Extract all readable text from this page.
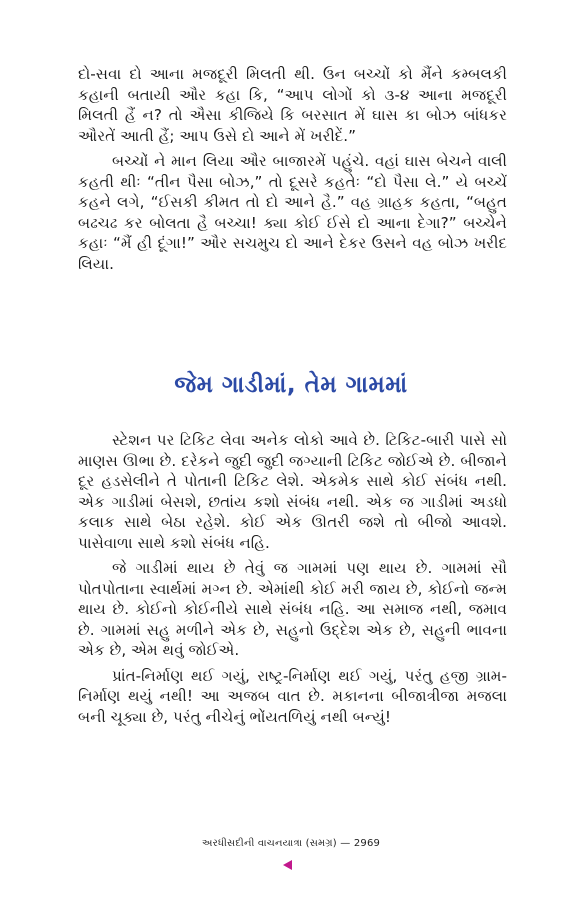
દો-સવા દો આના મજદૂરી મિલતી થી. ઉન બચ્ચોં કો મૈંને કમ્બલકી કહાની બતાયી ઔર કહા કિ, “આપ લોગોં કો ૩-૪ આના મજદૂરી મિલતી હૈં ન? તો ઐસા કીજિયે કિ બરસાત મેં ઘાસ કા બોઝ બાંધકર ઔરતેં આતી હૈં; આપ ઉસે દો આને મેં ખરીદેં.”

બચ્ચોં ને માન લિયા ઔર બાજારમેં પહુંચે. વહાં ઘાસ બેચને વાલી કહતી થીઃ “તીન પૈસા બોઝ,” તો દૂસરે કહતેઃ “દો પૈસા લે.” યે બચ્ચેં કહને લગે, “ઈસકી કીમત તો દો આને હૈ.” વહ ગ્રાહક કહતા, “બહુત બઢચઢ કર બોલતા હૈ બચ્ચા! ક્યા કોઈ ઈસે દો આના દેગા?” બચ્ચેને કહાઃ “મૈં હી દૂંગા!” ઔર સચમુચ દો આને દેકર ઉસને વહ બોઝ ખરીદ લિયા.

જેમ ગાડીમાં, તેમ ગામમાં

સ્ટેશન પર ટિકિટ લેવા અનેક લોકો આવે છે. ટિકિટ-બારી પાસે સો માણસ ઊભા છે. દરેકને જુદી જુદી જગ્યાની ટિકિટ જોઈએ છે. બીજાને દૂર હડસેલીને તે પોતાની ટિકિટ લેશે. એકમેક સાથે કોઈ સંબંધ નથી. એક ગાડીમાં બેસશે, છતાંય કશો સંબંધ નથી. એક જ ગાડીમાં અડધો કલાક સાથે બેઠા રહેશે. કોઈ એક ઊતરી જશે તો બીજો આવશે. પાસેવાળા સાથે કશો સંબંધ નહિ.

જે ગાડીમાં થાય છે તેવું જ ગામમાં પણ થાય છે. ગામમાં સૌ પોતપોતાના સ્વાર્થમાં મગ્ન છે. એમાંથી કોઈ મરી જાય છે, કોઈનો જન્મ થાય છે. કોઈનો કોઈનીયે સાથે સંબંધ નહિ. આ સમાજ નથી, જમાવ છે. ગામમાં સહુ મળીને એક છે, સહુનો ઉદ્દેશ એક છે, સહુની ભાવના એક છે, એમ થવું જોઈએ.

પ્રાંત-નિર્માણ થઈ ગયું, રાષ્ટ્ર-નિર્માણ થઈ ગયું, પરંતુ હજી ગ્રામ-નિર્માણ થયું નથી! આ અજબ વાત છે. મકાનના બીજાત્રીજા મજલા બની ચૂક્યા છે, પરંતુ નીચેનું ભોંયતળિયું નથી બન્યું!

અરધીસદીની વાચનયાત્રા (સમગ્ર) — 2969
